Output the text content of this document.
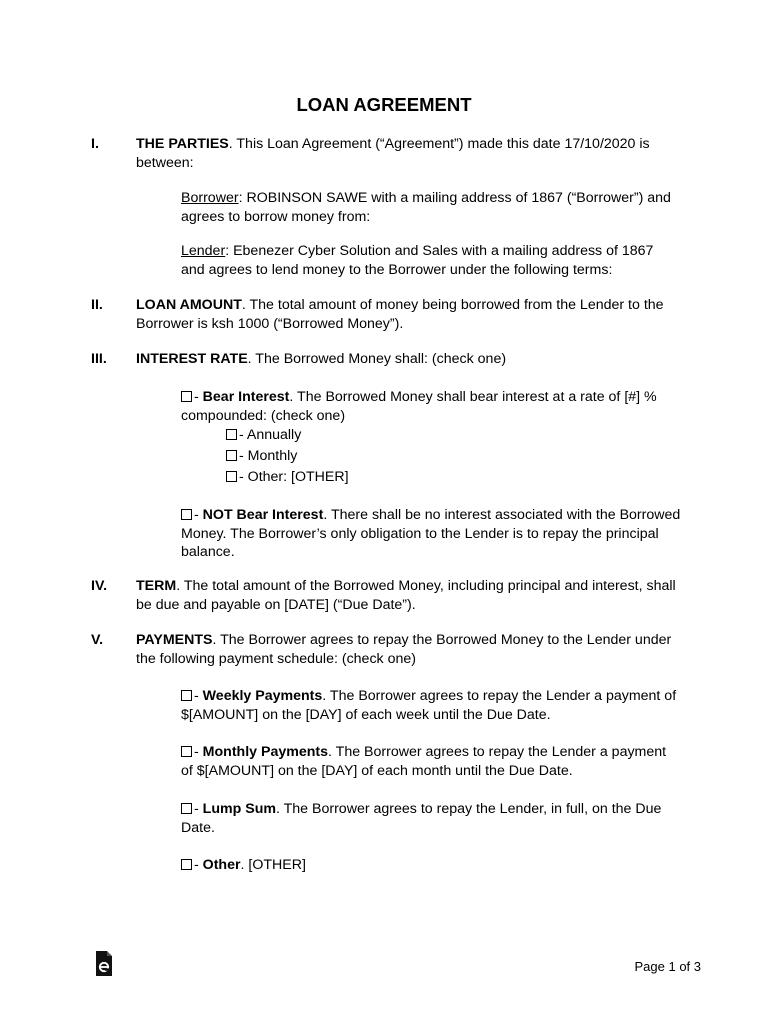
LOAN AGREEMENT
I.	THE PARTIES. This Loan Agreement (“Agreement”) made this date 17/10/2020 is between:
Borrower: ROBINSON SAWE with a mailing address of 1867 (“Borrower”) and agrees to borrow money from:
Lender: Ebenezer Cyber Solution and Sales with a mailing address of 1867 and agrees to lend money to the Borrower under the following terms:
II. LOAN AMOUNT. The total amount of money being borrowed from the Lender to the Borrower is ksh 1000 (“Borrowed Money”).
III. INTEREST RATE. The Borrowed Money shall: (check one)
- Bear Interest. The Borrowed Money shall bear interest at a rate of [#] % compounded: (check one)
- Annually
- Monthly
- Other: [OTHER]
- NOT Bear Interest. There shall be no interest associated with the Borrowed Money. The Borrower’s only obligation to the Lender is to repay the principal balance.
IV. TERM. The total amount of the Borrowed Money, including principal and interest, shall be due and payable on [DATE] (“Due Date”).
V. PAYMENTS. The Borrower agrees to repay the Borrowed Money to the Lender under the following payment schedule: (check one)
- Weekly Payments. The Borrower agrees to repay the Lender a payment of $[AMOUNT] on the [DAY] of each week until the Due Date.
- Monthly Payments. The Borrower agrees to repay the Lender a payment of $[AMOUNT] on the [DAY] of each month until the Due Date.
- Lump Sum. The Borrower agrees to repay the Lender, in full, on the Due Date.
- Other. [OTHER]
Page 1 of 3
